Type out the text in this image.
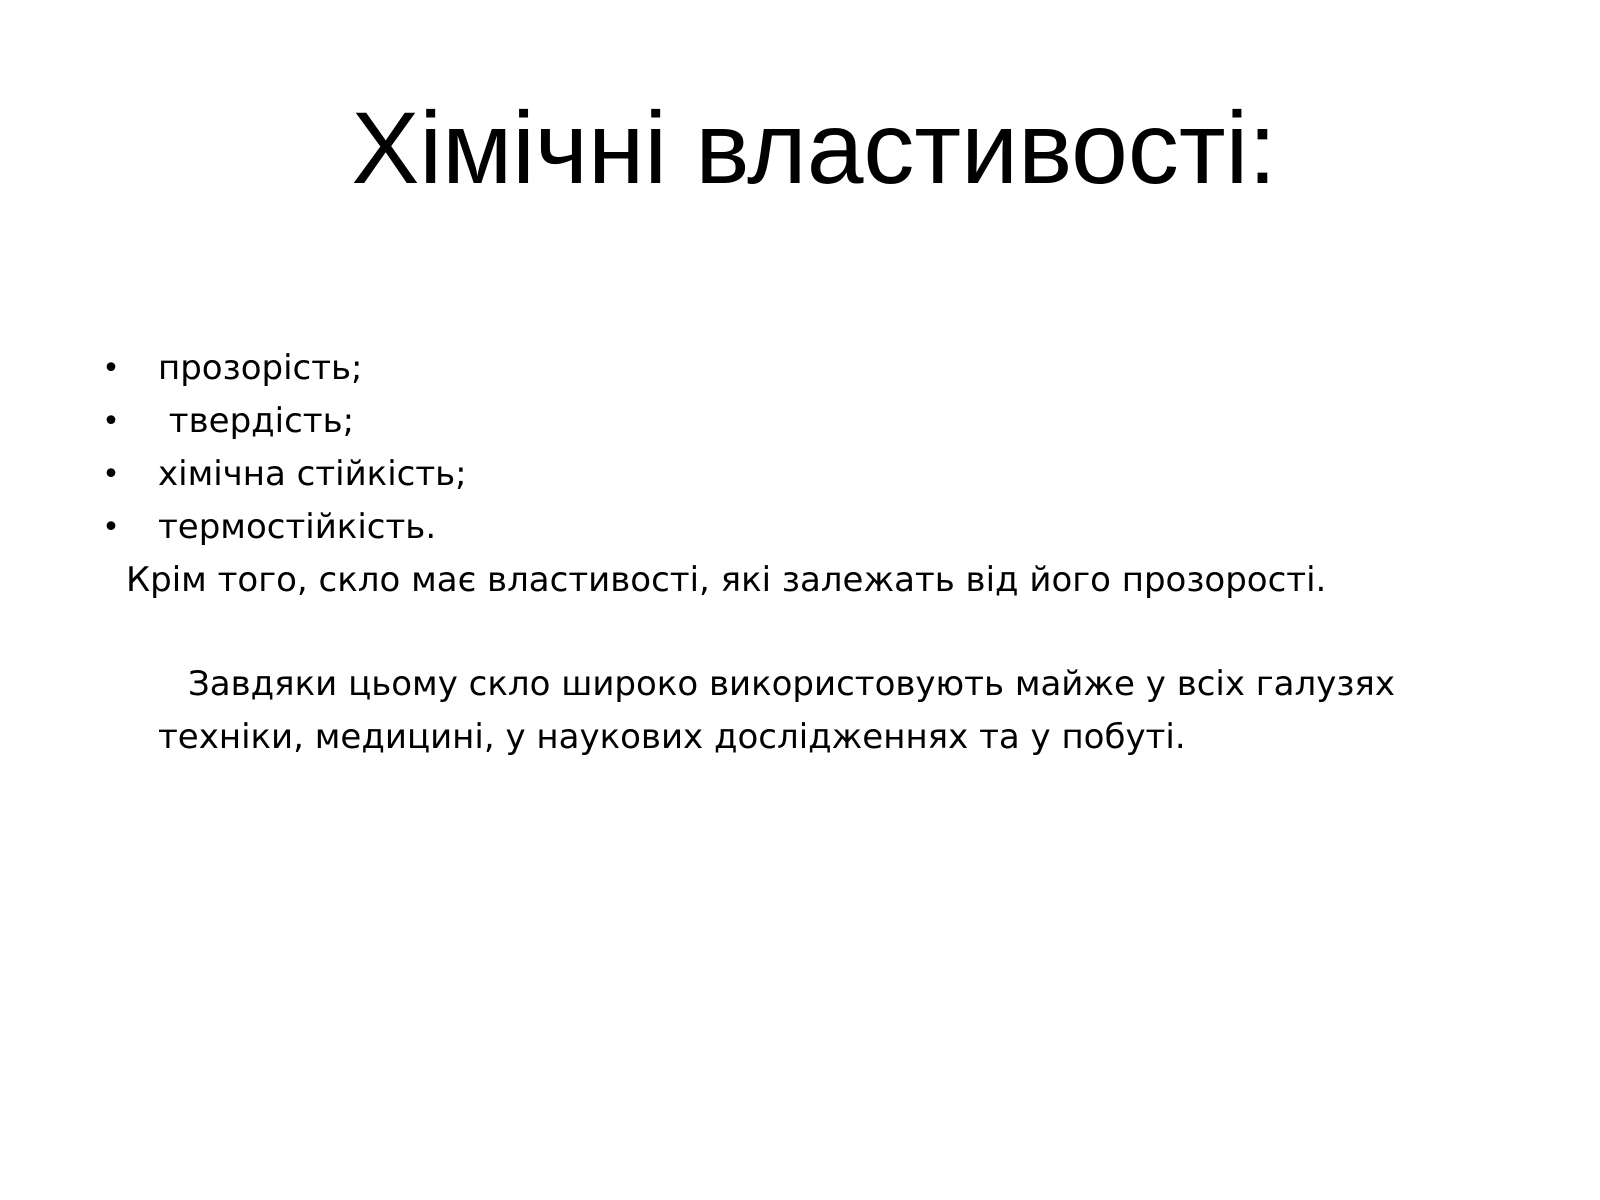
Хімічні властивості:

•

прозорість;

•

твердість;

•

хімічна стійкість;

•

термостійкість.

Крім того, скло має властивості, які залежать від його прозорості.

Завдяки цьому скло широко використовують майже у всіх галузях техніки, медицині, у наукових дослідженнях та у побуті.
